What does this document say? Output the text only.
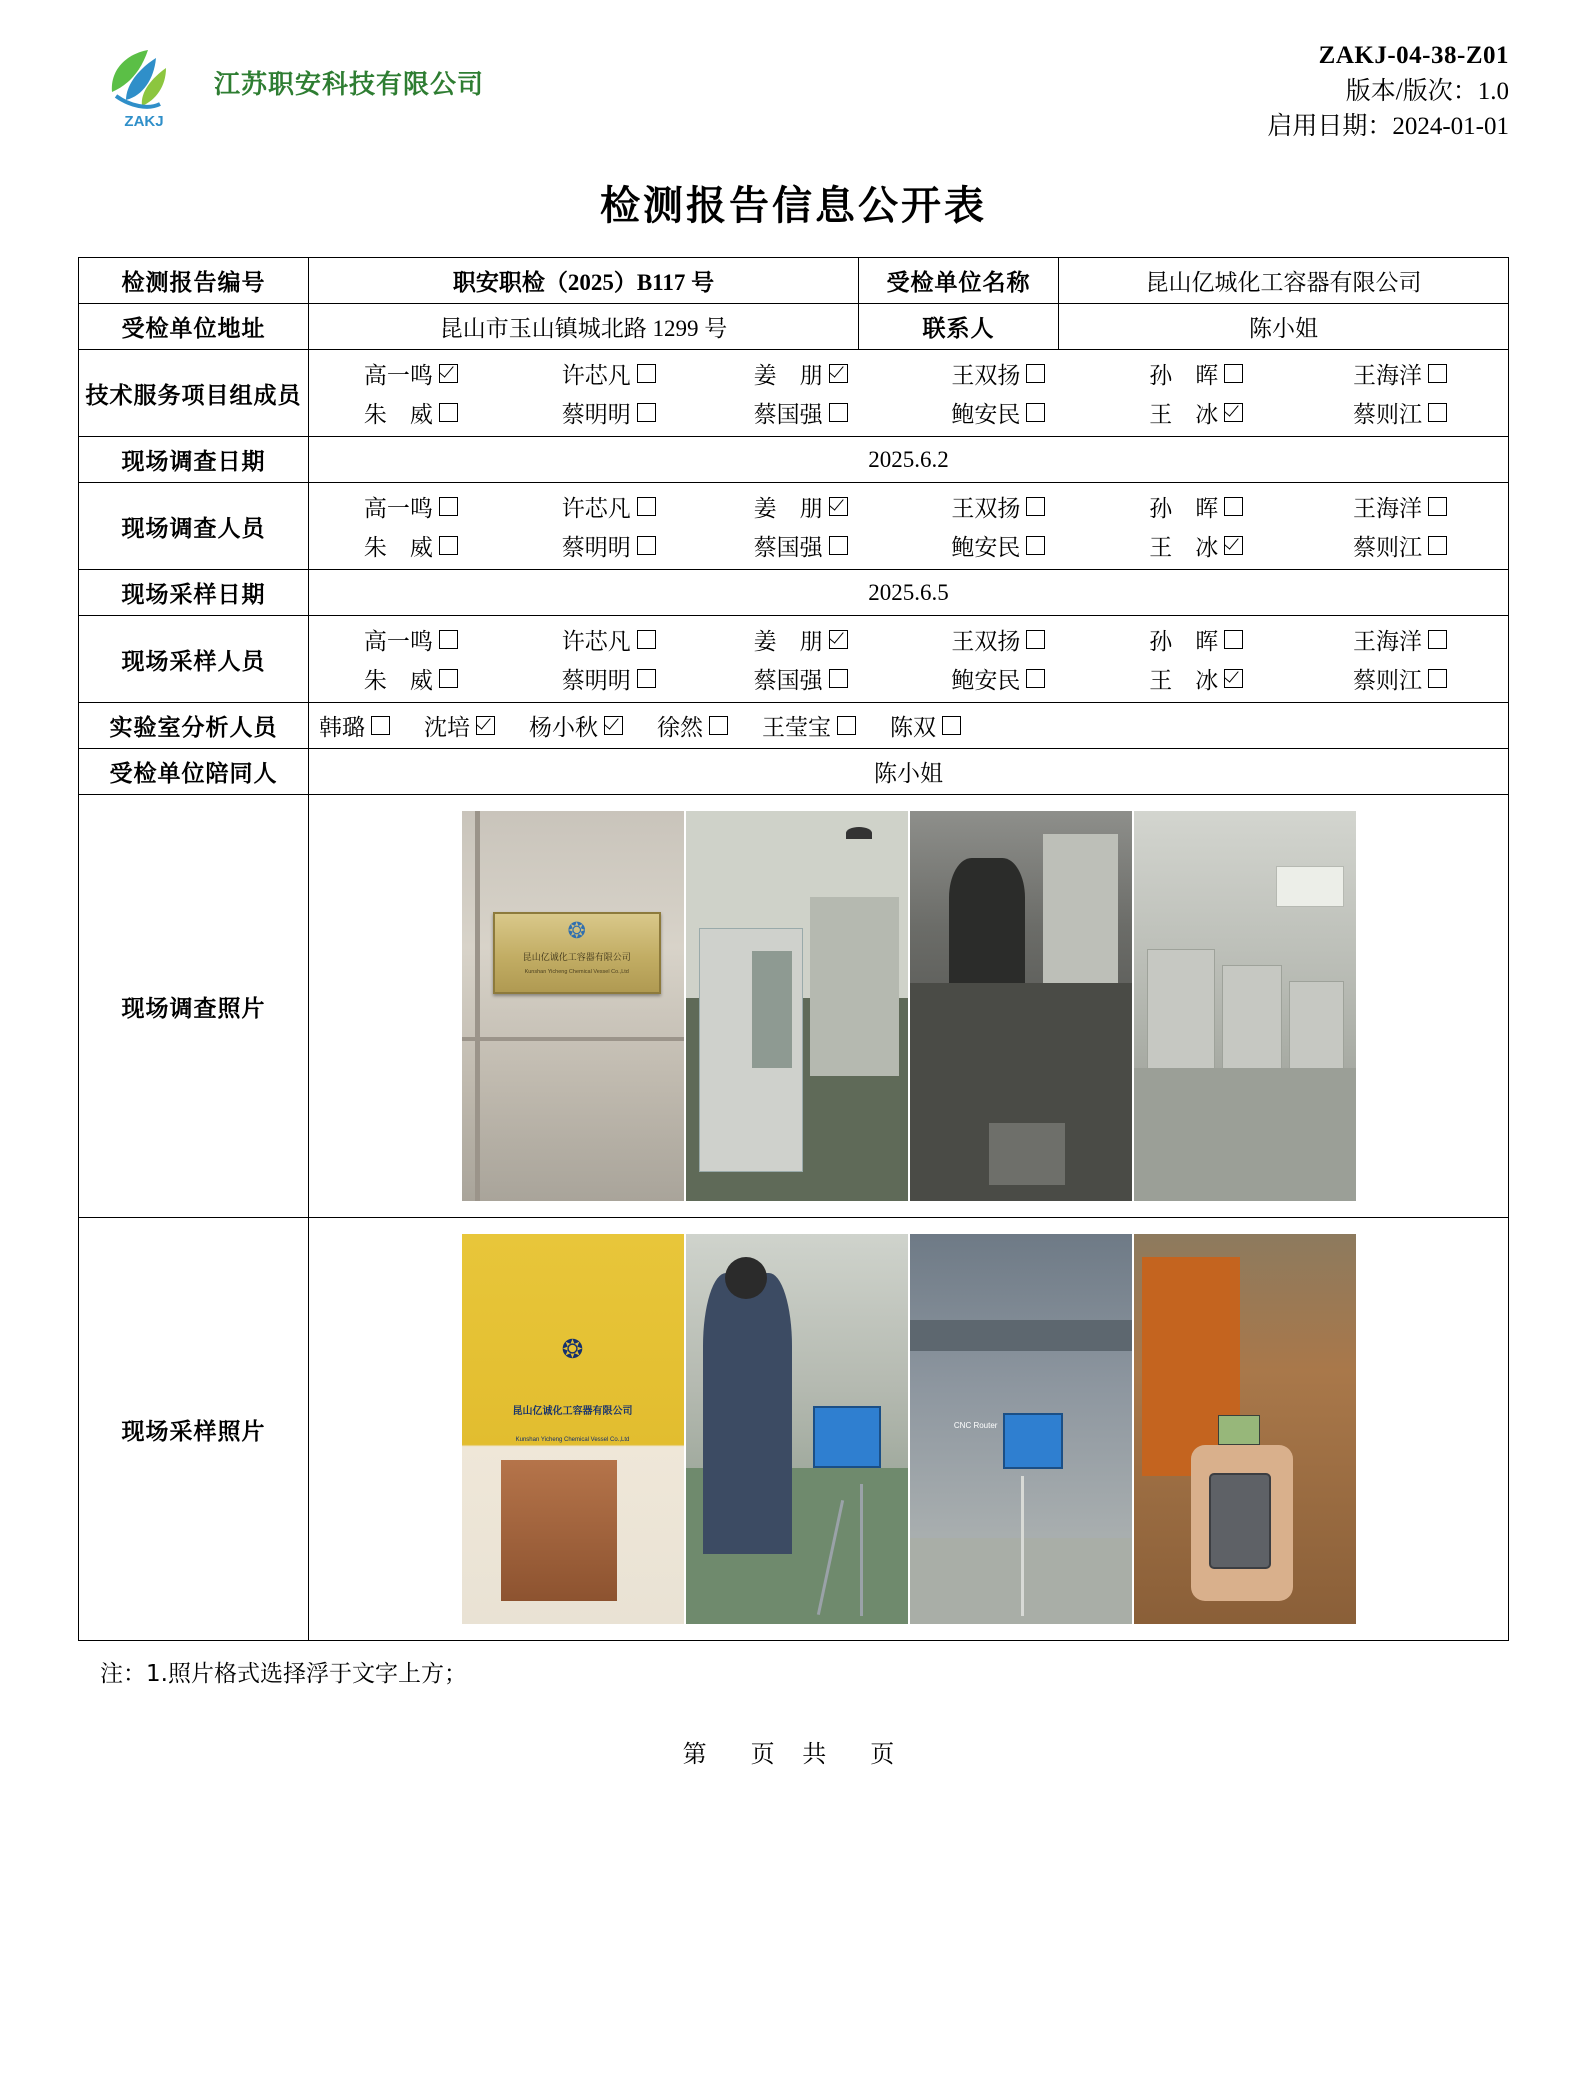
ZAKJ
江苏职安科技有限公司
ZAKJ-04-38-Z01
版本/版次：1.0
启用日期：2024-01-01
检测报告信息公开表
检测报告编号	职安职检（2025）B117 号	受检单位名称	昆山亿城化工容器有限公司
受检单位地址	昆山市玉山镇城北路 1299 号	联系人	陈小姐
技术服务项目组成员	
高一鸣	许芯凡	姜　朋	王双扬	孙　晖	王海洋
朱　威	蔡明明	蔡国强	鲍安民	王　冰	蔡则江

现场调查日期	2025.6.2		
现场调查人员	
高一鸣	许芯凡	姜　朋	王双扬	孙　晖	王海洋
朱　威	蔡明明	蔡国强	鲍安民	王　冰	蔡则江

现场采样日期	2025.6.5		
现场采样人员	
高一鸣	许芯凡	姜　朋	王双扬	孙　晖	王海洋
朱　威	蔡明明	蔡国强	鲍安民	王　冰	蔡则江

实验室分析人员	韩璐	沈培	杨小秋	徐然	王莹宝	陈双

受检单位陪同人	陈小姐		
现场调查照片	❂
昆山亿诚化工容器有限公司
Kunshan Yicheng Chemical Vessel Co.,Ltd		

现场采样照片	❂
昆山亿诚化工容器有限公司
Kunshan Yicheng Chemical Vessel Co.,Ltd
CNC Router		
注：1.照片格式选择浮于文字上方；
第　页 共　页
